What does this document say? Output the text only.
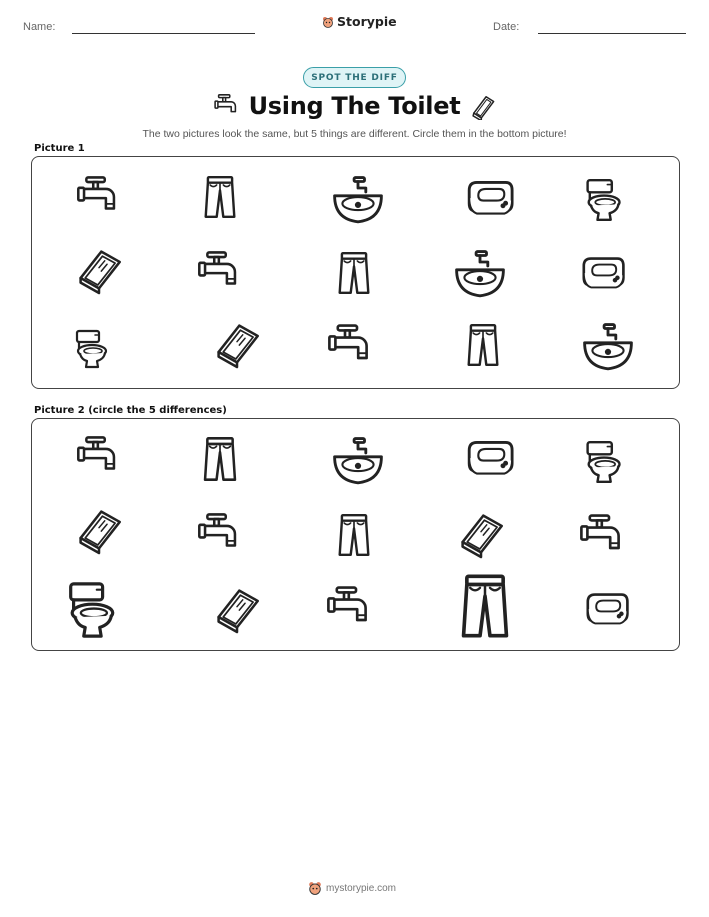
Name:	Storypie	Date:
SPOT THE DIFF
Using The Toilet
The two pictures look the same, but 5 things are different. Circle them in the bottom picture!
Picture 1
Picture 2 (circle the 5 differences)
mystorypie.com
